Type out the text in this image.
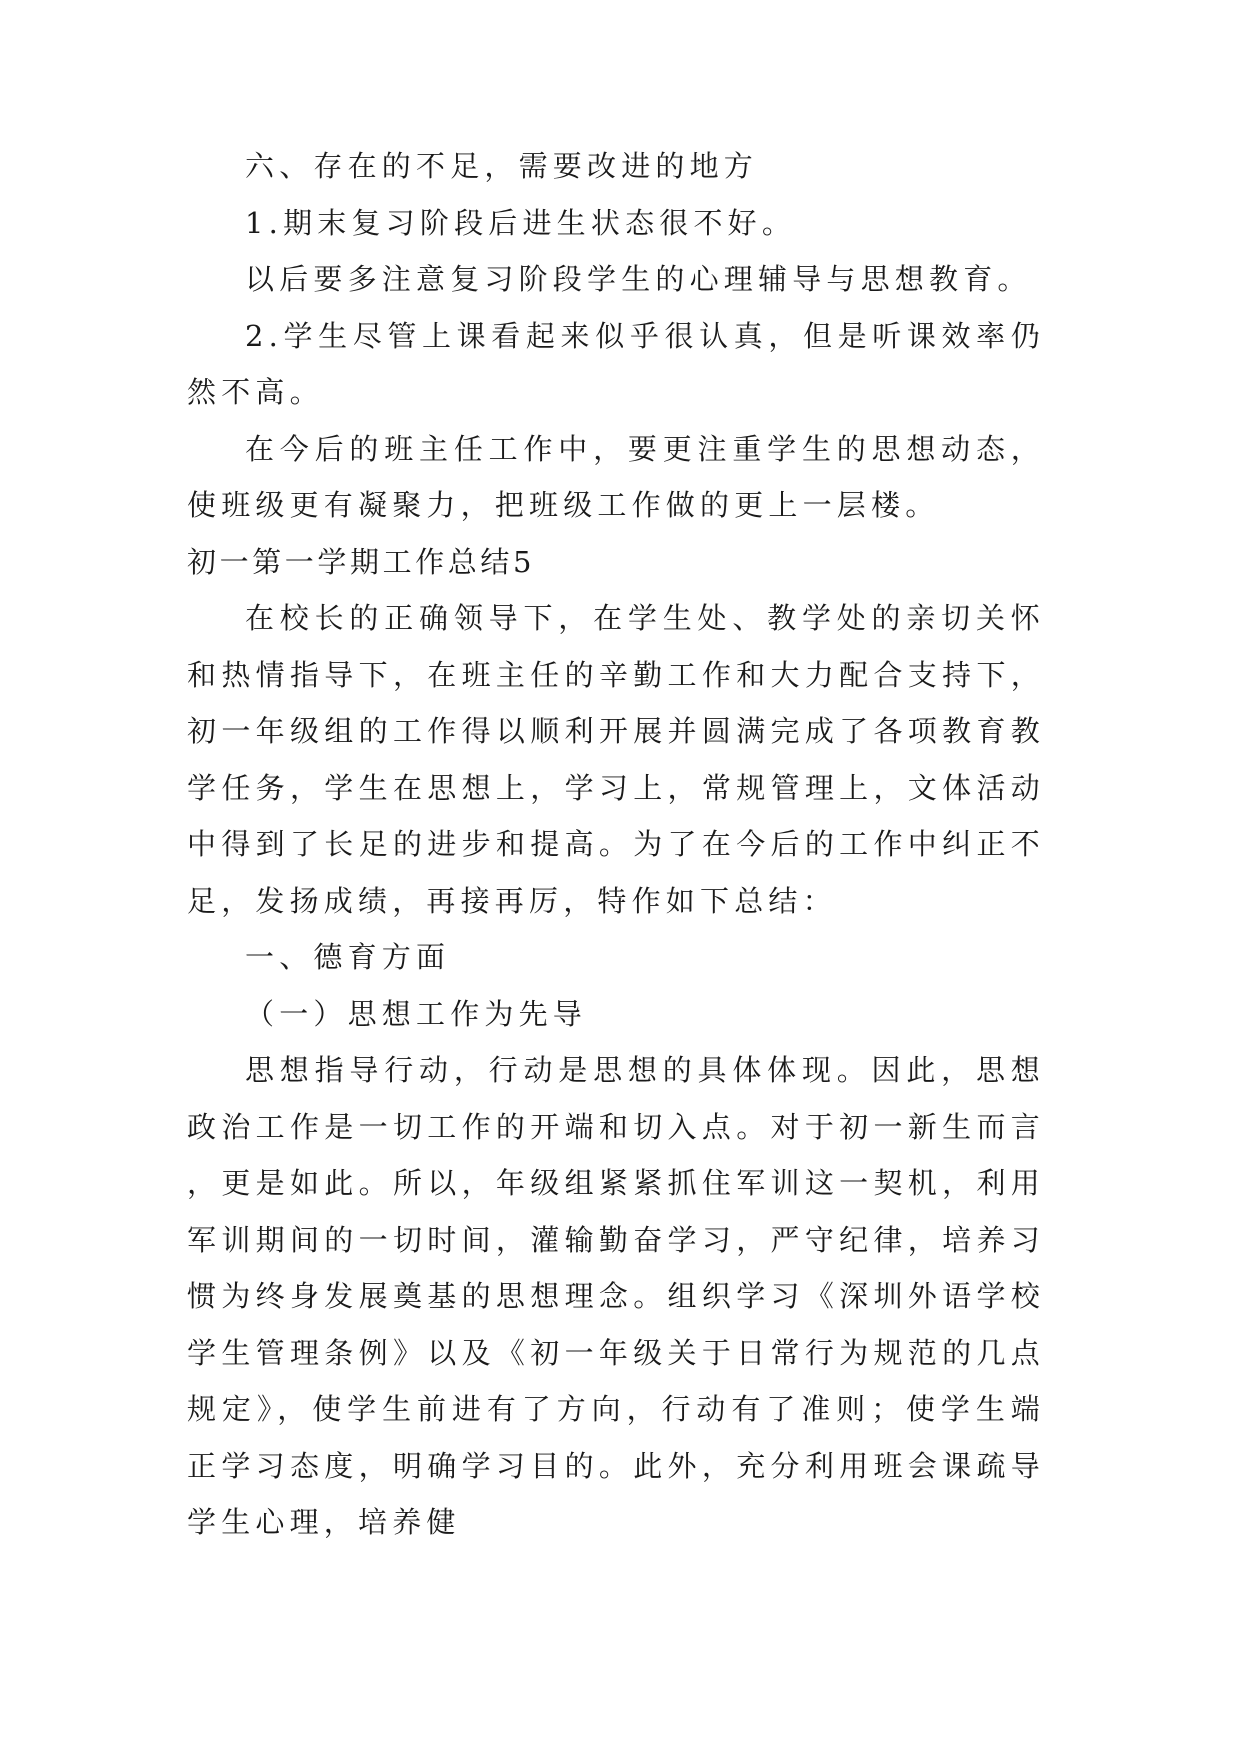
六、存在的不足，需要改进的地方

1.期末复习阶段后进生状态很不好。

以后要多注意复习阶段学生的心理辅导与思想教育。

2.学生尽管上课看起来似乎很认真，但是听课效率仍然不高。

在今后的班主任工作中，要更注重学生的思想动态，使班级更有凝聚力，把班级工作做的更上一层楼。

初一第一学期工作总结5

在校长的正确领导下，在学生处、教学处的亲切关怀和热情指导下，在班主任的辛勤工作和大力配合支持下，初一年级组的工作得以顺利开展并圆满完成了各项教育教学任务，学生在思想上，学习上，常规管理上，文体活动中得到了长足的进步和提高。为了在今后的工作中纠正不足，发扬成绩，再接再厉，特作如下总结：

一、德育方面

（一）思想工作为先导

思想指导行动，行动是思想的具体体现。因此，思想政治工作是一切工作的开端和切入点。对于初一新生而言，更是如此。所以，年级组紧紧抓住军训这一契机，利用军训期间的一切时间，灌输勤奋学习，严守纪律，培养习惯为终身发展奠基的思想理念。组织学习《深圳外语学校学生管理条例》以及《初一年级关于日常行为规范的几点规定》，使学生前进有了方向，行动有了准则；使学生端正学习态度，明确学习目的。此外，充分利用班会课疏导学生心理，培养健
